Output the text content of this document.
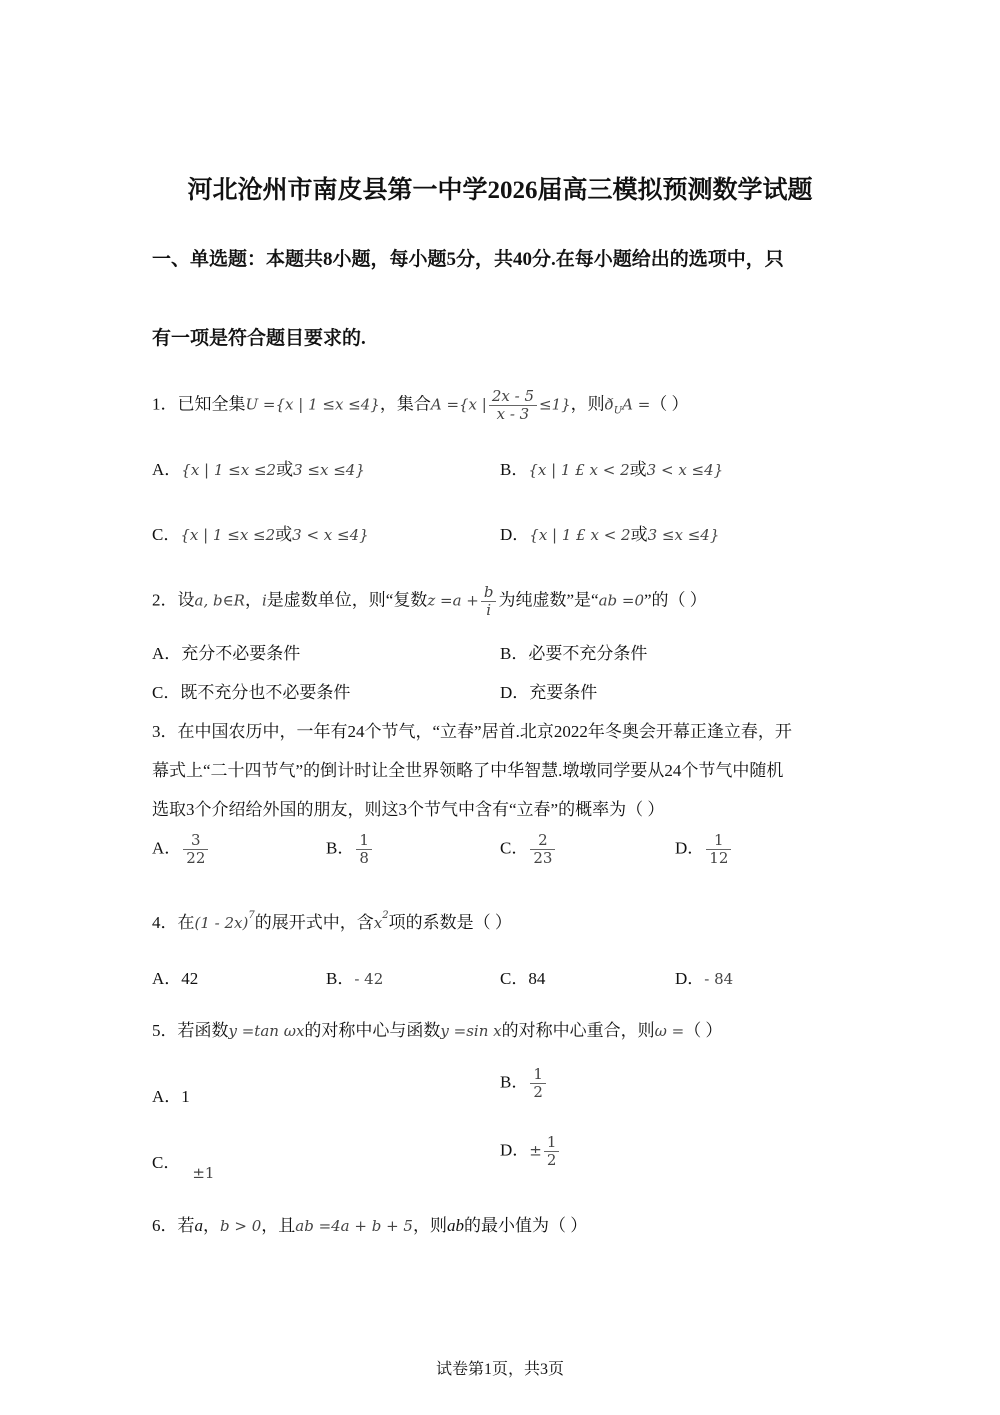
河北沧州市南皮县第一中学2026届高三模拟预测数学试题
一、单选题：本题共8小题，每小题5分，共40分.在每小题给出的选项中，只
有一项是符合题目要求的.
1．已知全集U ={x | 1 ≤x ≤4}，集合A ={x | $\frac{2x - 5}{x - 3} \le 1$}，则$ð_UA$ =（ ）
A．{x | 1 ≤x ≤2或3 ≤x ≤4}	B．{x | 1 £ x < 2或3 < x ≤4}
C．{x | 1 ≤x ≤2或3 < x ≤4}	D．{x | 1 £ x < 2或3 ≤x ≤4}
2．设a, b∈R，i是虚数单位，则“复数$z =a + \frac{b}{i}$ 为纯虚数”是“ab =0”的（ ）
A．充分不必要条件	B．必要不充分条件
C．既不充分也不必要条件	D．充要条件
3．在中国农历中，一年有24个节气，“立春”居首.北京2022年冬奥会开幕正逢立春，开
幕式上“二十四节气”的倒计时让全世界领略了中华智慧.墩墩同学要从24个节气中随机
选取3个介绍给外国的朋友，则这3个节气中含有“立春”的概率为（ ）
A． $\frac{3}{22}$	B． $\frac{1}{8}$	C． $\frac{2}{23}$	D． $\frac{1}{12}$
4．在(1 - 2x)$^7$的展开式中，含$x^2$项的系数是（ ）
A．42	B．- 42	C．84	D．- 84
5．若函数y =tan ωx的对称中心与函数y =sin x的对称中心重合，则ω =（ ）
A．1
B． $\frac{1}{2}$
C．±1
D．± $\frac{1}{2}$
6．若a，b > 0，且ab =4a + b + 5，则ab的最小值为（ ）
试卷第1页，共3页
